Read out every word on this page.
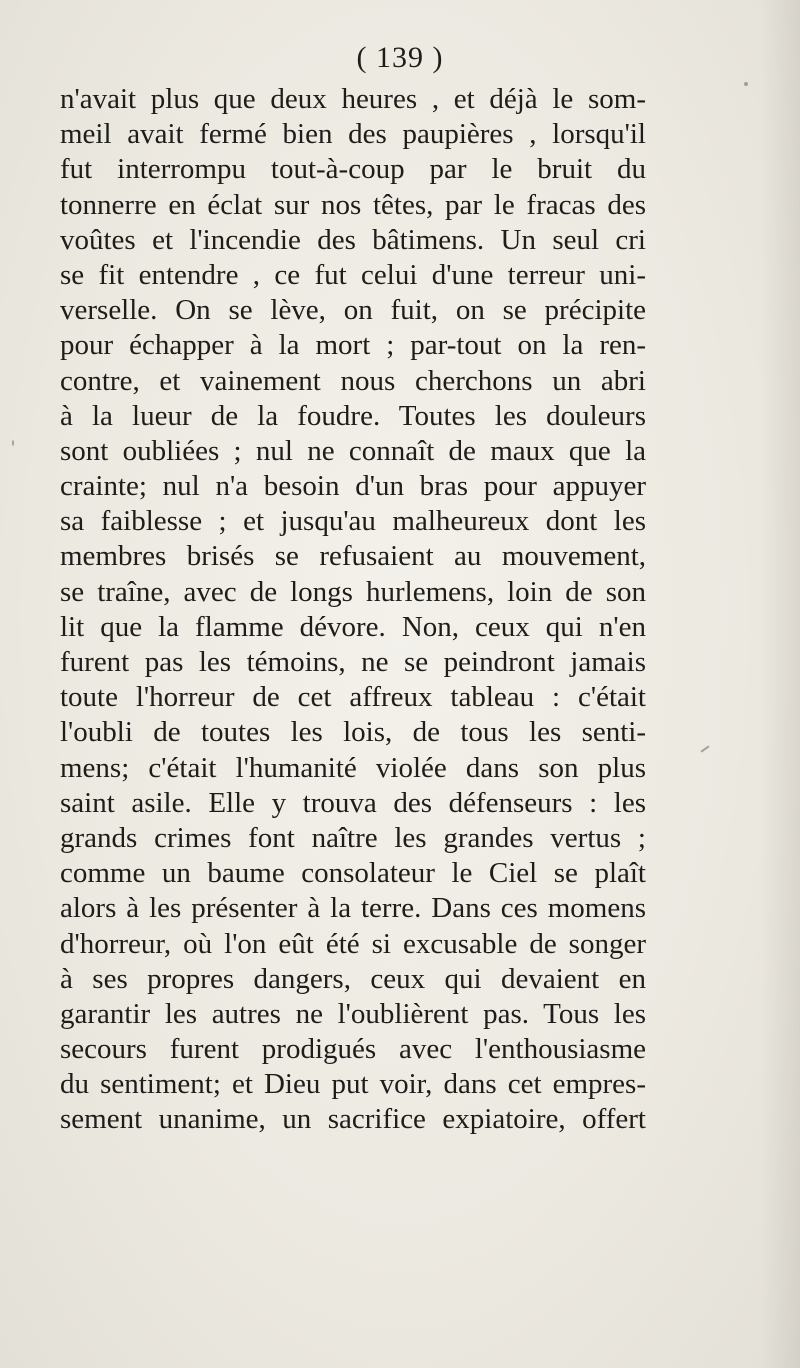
( 139 )
n'avait plus que deux heures , et déjà le som-
meil avait fermé bien des paupières , lorsqu'il
fut interrompu tout-à-coup par le bruit du
tonnerre en éclat sur nos têtes, par le fracas des
voûtes et l'incendie des bâtimens. Un seul cri
se fit entendre , ce fut celui d'une terreur uni-
verselle. On se lève, on fuit, on se précipite
pour échapper à la mort ; par-tout on la ren-
contre, et vainement nous cherchons un abri
à la lueur de la foudre. Toutes les douleurs
sont oubliées ; nul ne connaît de maux que la
crainte; nul n'a besoin d'un bras pour appuyer
sa faiblesse ; et jusqu'au malheureux dont les
membres brisés se refusaient au mouvement,
se traîne, avec de longs hurlemens, loin de son
lit que la flamme dévore. Non, ceux qui n'en
furent pas les témoins, ne se peindront jamais
toute l'horreur de cet affreux tableau : c'était
l'oubli de toutes les lois, de tous les senti-
mens; c'était l'humanité violée dans son plus
saint asile. Elle y trouva des défenseurs : les
grands crimes font naître les grandes vertus ;
comme un baume consolateur le Ciel se plaît
alors à les présenter à la terre. Dans ces momens
d'horreur, où l'on eût été si excusable de songer
à ses propres dangers, ceux qui devaient en
garantir les autres ne l'oublièrent pas. Tous les
secours furent prodigués avec l'enthousiasme
du sentiment; et Dieu put voir, dans cet empres-
sement unanime, un sacrifice expiatoire, offert
